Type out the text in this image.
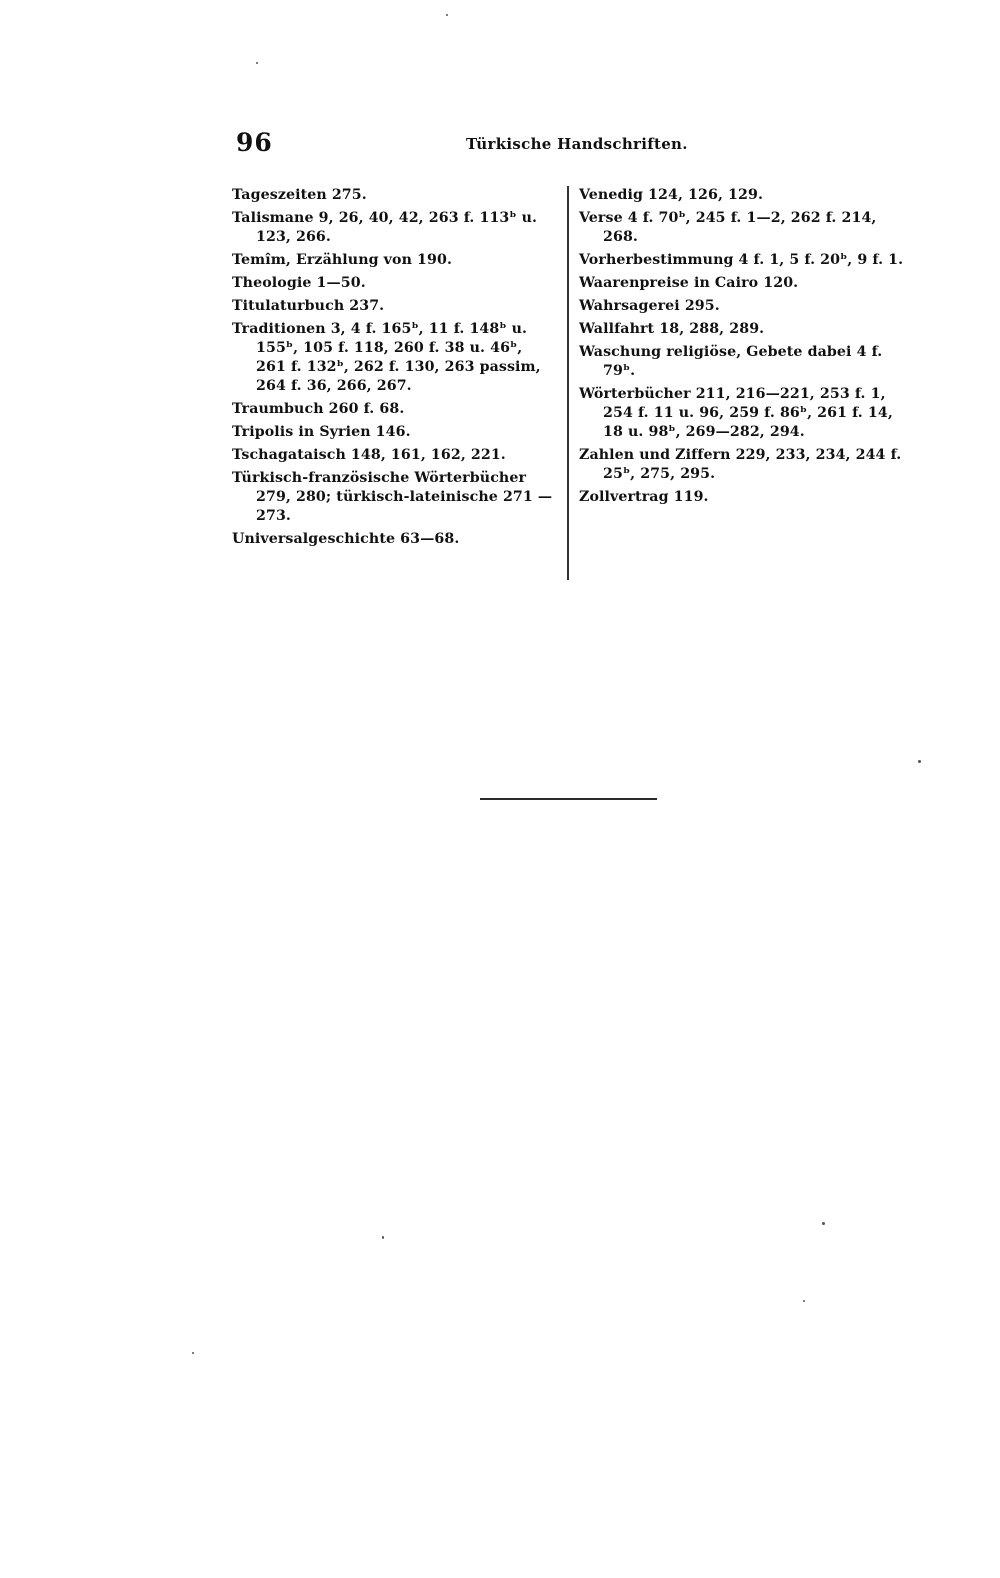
96	Türkische Handschriften.
Tageszeiten 275.
Talismane 9, 26, 40, 42, 263 f. 113ᵇ u. 123, 266.
Temîm, Erzählung von 190.
Theologie 1—50.
Titulaturbuch 237.
Traditionen 3, 4 f. 165ᵇ, 11 f. 148ᵇ u. 155ᵇ, 105 f. 118, 260 f. 38 u. 46ᵇ, 261 f. 132ᵇ, 262 f. 130, 263 passim, 264 f. 36, 266, 267.
Traumbuch 260 f. 68.
Tripolis in Syrien 146.
Tschagataisch 148, 161, 162, 221.
Türkisch-französische Wörterbücher 279, 280; türkisch-lateinische 271 —273.
Universalgeschichte 63—68.
Venedig 124, 126, 129.
Verse 4 f. 70ᵇ, 245 f. 1—2, 262 f. 214, 268.
Vorherbestimmung 4 f. 1, 5 f. 20ᵇ, 9 f. 1.
Waarenpreise in Cairo 120.
Wahrsagerei 295.
Wallfahrt 18, 288, 289.
Waschung religiöse, Gebete dabei 4 f. 79ᵇ.
Wörterbücher 211, 216—221, 253 f. 1, 254 f. 11 u. 96, 259 f. 86ᵇ, 261 f. 14, 18 u. 98ᵇ, 269—282, 294.
Zahlen und Ziffern 229, 233, 234, 244 f. 25ᵇ, 275, 295.
Zollvertrag 119.
